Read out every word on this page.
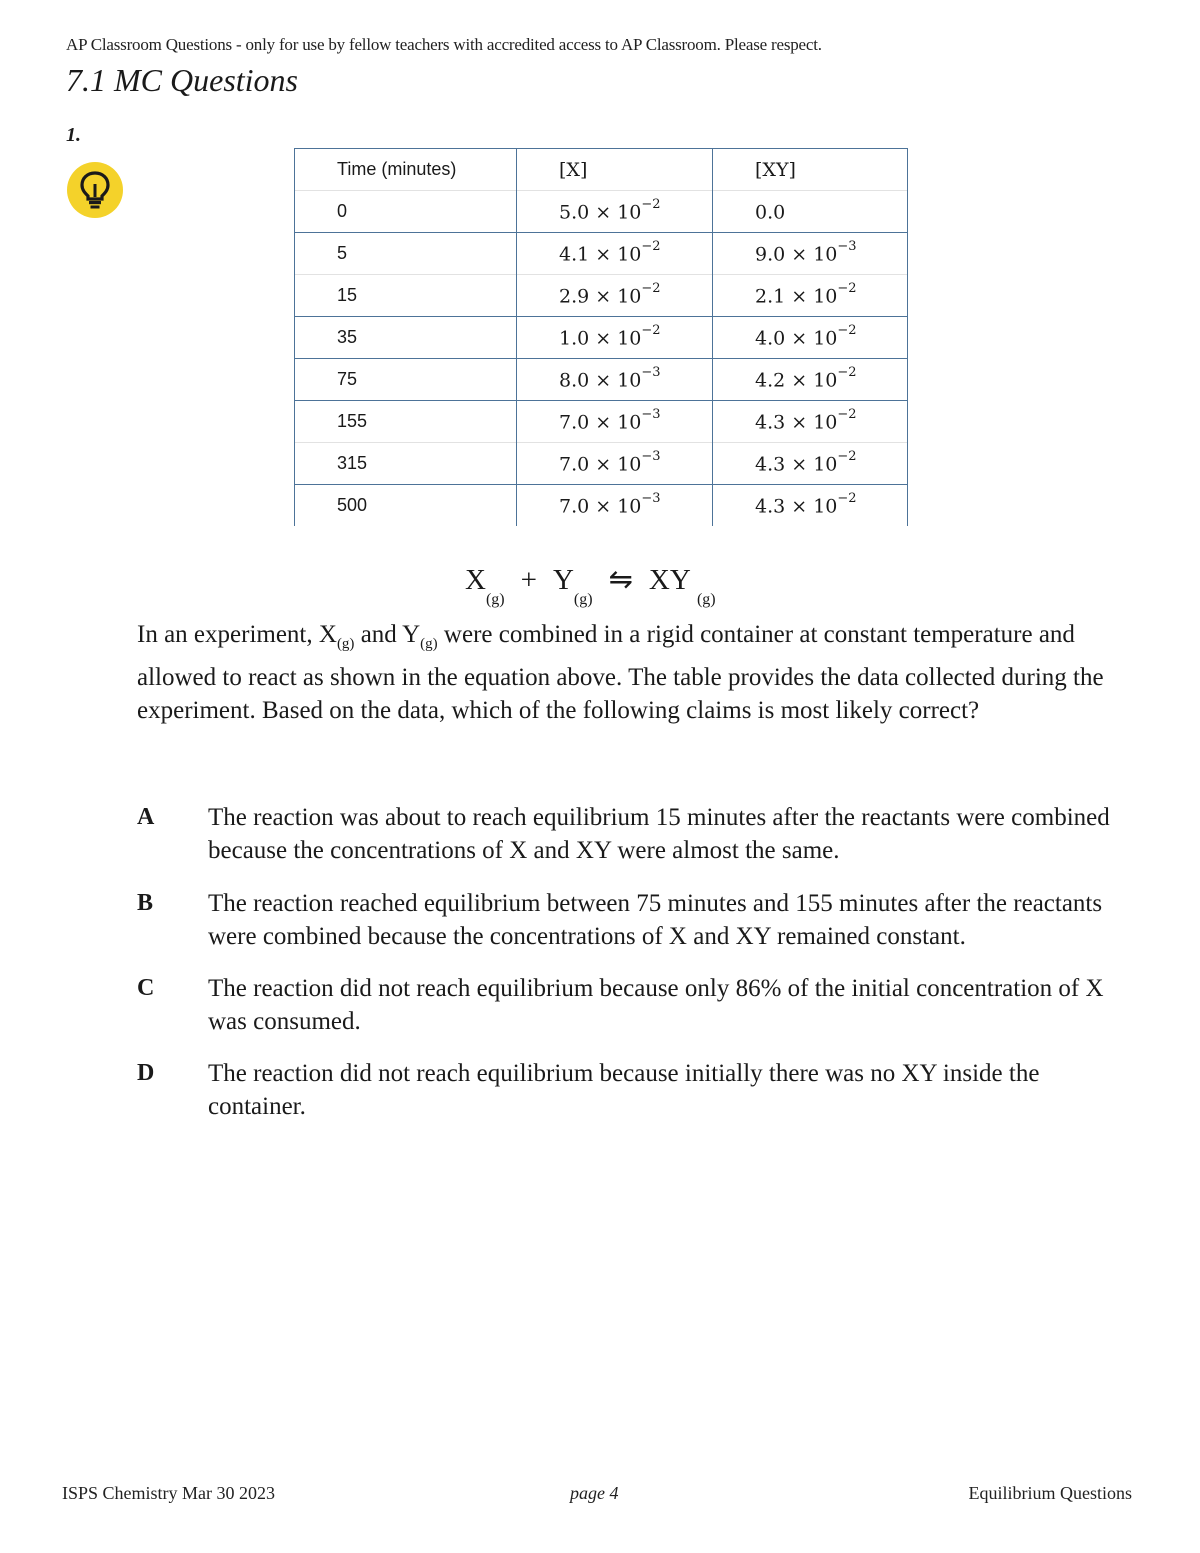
AP Classroom Questions - only for use by fellow teachers with accredited access to AP Classroom. Please respect.
7.1 MC Questions
1.
Time (minutes)	[X]	[XY]
0	$5.0 \times 10^{-2}$	0.0
5	$4.1 \times 10^{-2}$	$9.0 \times 10^{-3}$
15	$2.9 \times 10^{-2}$	$2.1 \times 10^{-2}$
35	$1.0 \times 10^{-2}$	$4.0 \times 10^{-2}$
75	$8.0 \times 10^{-3}$	$4.2 \times 10^{-2}$
155	$7.0 \times 10^{-3}$	$4.3 \times 10^{-2}$
315	$7.0 \times 10^{-3}$	$4.3 \times 10^{-2}$
500	$7.0 \times 10^{-3}$	$4.3 \times 10^{-2}$
$X_{(g)}+$ $Y_{(g)}⇋$ XY $_{(g)}$
In an experiment, $X_{(g)}$ and $Y_{(g)}$ were combined in a rigid container at constant temperature and allowed to react as shown in the equation above. The table provides the data collected during the experiment. Based on the data, which of the following claims is most likely correct?
A The reaction was about to reach equilibrium 15 minutes after the reactants were combined because the concentrations of X and XY were almost the same.
B The reaction reached equilibrium between 75 minutes and 155 minutes after the reactants were combined because the concentrations of X and XY remained constant.
C The reaction did not reach equilibrium because only 86% of the initial concentration of X was consumed.
D The reaction did not reach equilibrium because initially there was no XY inside the container.
ISPS Chemistry Mar 30 2023	page 4	Equilibrium Questions
